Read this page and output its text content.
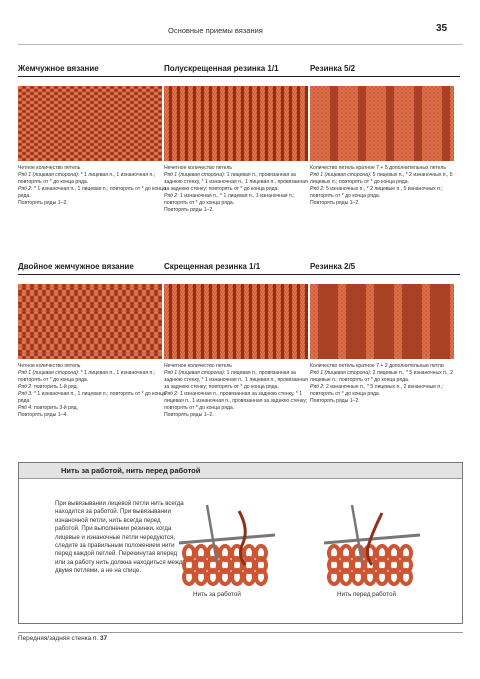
Основные приемы вязания	35
Жемчужное вязание

Четное количество петель

Ряд 1 (лицевая сторона): * 1 лицевая п., 1 изнаночная п.; повторять от * до конца ряда.

Ряд 2: * 1 изнаночная п., 1 лицевая п.; повторять от * до конца ряда.

Повторять ряды 1–2.

Полускрещенная резинка 1/1

Нечетное количество петель

Ряд 1 (лицевая сторона): 1 лицевая п., провязанная за заднюю стенку, * 1 изнаночная п., 1 лицевая п., провязанная за заднюю стенку; повторять от * до конца ряда.

Ряд 2: 1 изнаночная п., * 1 лицевая п., 1 изнаночная п.; повторять от * до конца ряда.

Повторять ряды 1–2.

Резинка 5/2

Количество петель кратное 7 + 5 дополнительных петель

Ряд 1 (лицевая сторона): 5 лицевых п., * 2 изнаночных п., 5 лицевых п.; повторять от * до конца ряда.

Ряд 2: 5 изнаночных п., * 2 лицевые п., 5 изнаночных п.; повторять от * до конца ряда.

Повторять ряды 1–2.

Двойное жемчужное вязание

Четное количество петель

Ряд 1 (лицевая сторона): * 1 лицевая п., 1 изнаночная п.; повторять от * до конца ряда.

Ряд 2: повторить 1-й ряд.

Ряд 3: * 1 изнаночная п., 1 лицевая п.; повторять от * до конца ряда.

Ряд 4: повторить 3-й ряд.

Повторять ряды 1–4.

Скрещенная резинка 1/1

Нечетное количество петель

Ряд 1 (лицевая сторона): 1 лицевая п., провязанная за заднюю стенку, * 1 изнаночная п., 1 лицевая п., провязанная за заднюю стенку; повторять от * до конца ряда.

Ряд 2: 1 изнаночная п., провязанная за заднюю стенку, * 1 лицевая п., 1 изнаночная п., провязанная за заднюю стенку; повторять от * до конца ряда.

Повторять ряды 1–2.

Резинка 2/5

Количество петель кратное 7 + 2 дополнительные петли

Ряд 1 (лицевая сторона): 2 лицевые п., * 5 изнаночных п., 2 лицевые п.; повторять от * до конца ряда.

Ряд 2: 2 изнаночные п., * 5 лицевых п., 2 изнаночные п.; повторять от * до конца ряда.

Повторять ряды 1–2.

Нить за работой, нить перед работой
При вывязывании лицевой петли нить всегда находится за работой. При вывязывании изнаночной петли, нить всегда перед работой. При выполнении резинки, когда лицевые и изнаночные петли чередуются, следите за правильным положением нити перед каждой петлей. Перекинутая вперед или за работу нить должна находиться между двумя петлями, а не на спице.
Нить за работой	Нить перед работой
Передняя/задняя стенка п. 37
